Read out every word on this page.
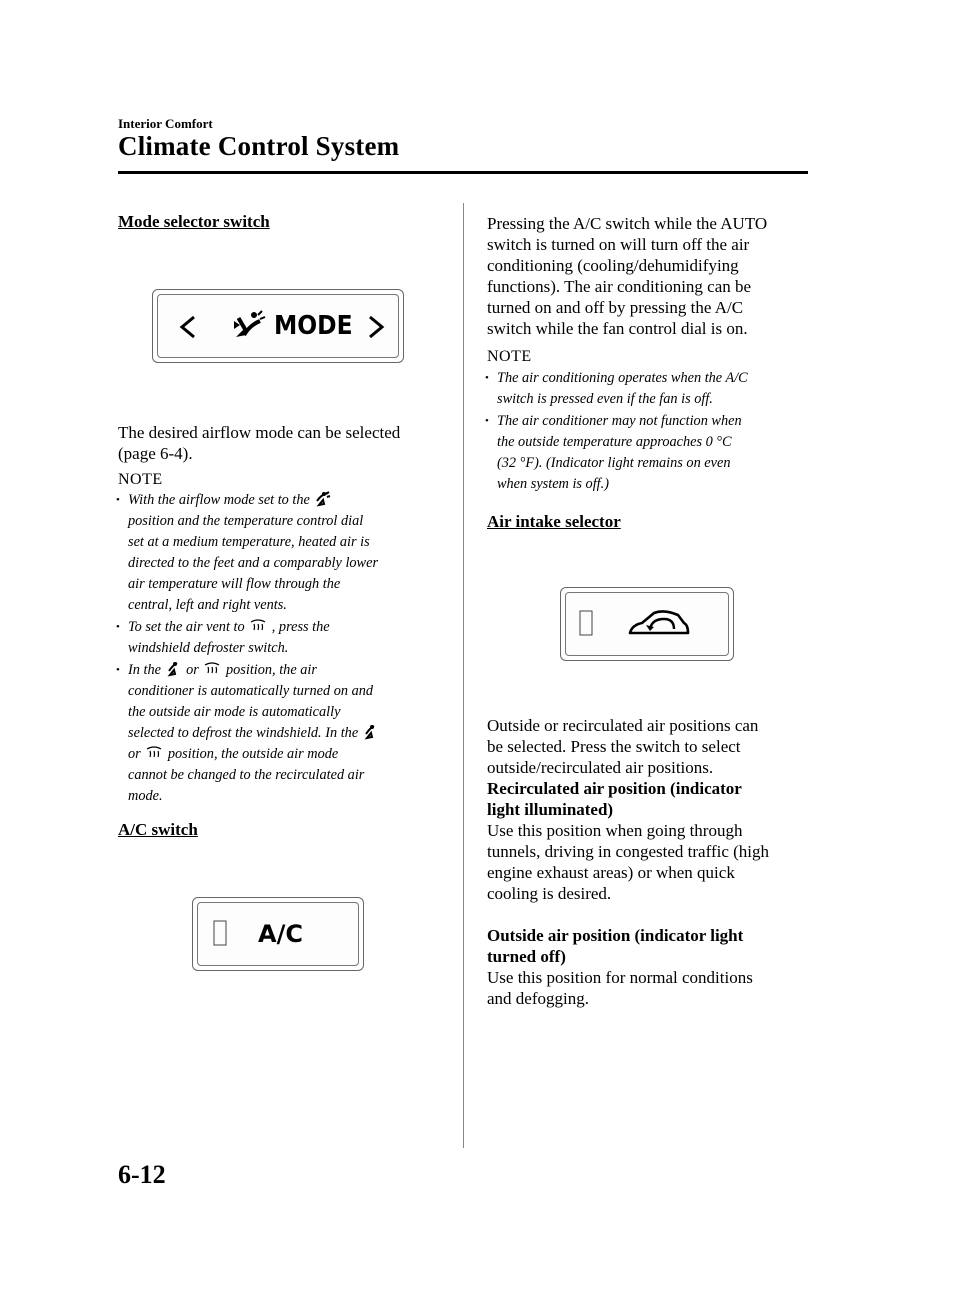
Interior Comfort
Climate Control System
Mode selector switch
MODE
The desired airflow mode can be selected
(page 6-4).
NOTE
• With the airflow mode set to the
position and the temperature control dial
set at a medium temperature, heated air is
directed to the feet and a comparably lower
air temperature will flow through the
central, left and right vents.
• To set the air vent to , press the
windshield defroster switch.
• In the or position, the air
conditioner is automatically turned on and
the outside air mode is automatically
selected to defrost the windshield. In the
or position, the outside air mode
cannot be changed to the recirculated air
mode.
A/C switch
A/C
Pressing the A/C switch while the AUTO
switch is turned on will turn off the air
conditioning (cooling/dehumidifying
functions). The air conditioning can be
turned on and off by pressing the A/C
switch while the fan control dial is on.
NOTE
• The air conditioning operates when the A/C
switch is pressed even if the fan is off.
• The air conditioner may not function when
the outside temperature approaches 0 °C
(32 °F). (Indicator light remains on even
when system is off.)
Air intake selector
Outside or recirculated air positions can
be selected. Press the switch to select
outside/recirculated air positions.
Recirculated air position (indicator
light illuminated)
Use this position when going through
tunnels, driving in congested traffic (high
engine exhaust areas) or when quick
cooling is desired.
Outside air position (indicator light
turned off)
Use this position for normal conditions
and defogging.
6-12
